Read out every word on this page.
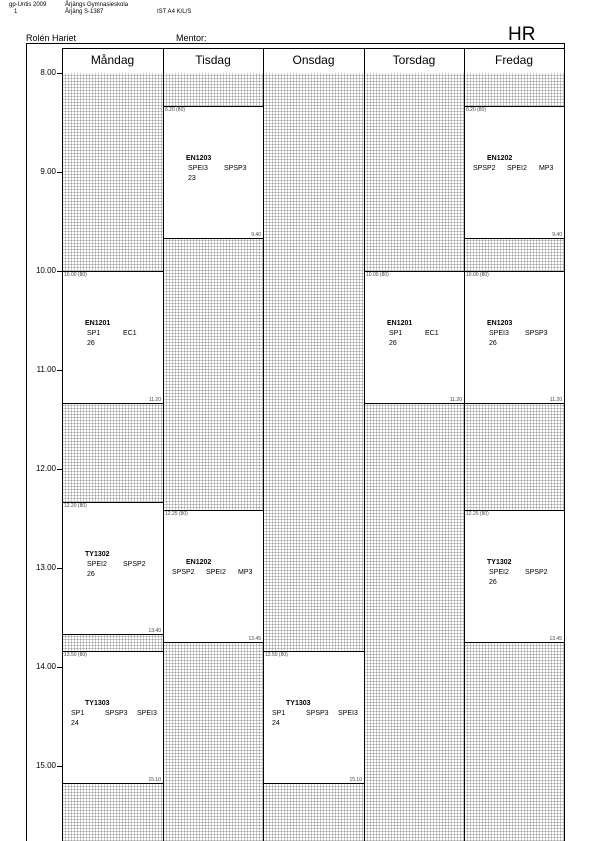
gp-Untis 2009
1
Årjängs Gymnasieskola
Årjäng S-1387	IST A4 K/L/S
Rolén Hariet	Mentor:	HR
Måndag	Tisdag	Onsdag	Torsdag	Fredag
8.00
9.00
10.00
11.00
12.00
13.00
14.00
15.00
10.00 (80)
11.20
EN1201
SP1	EC1
26
12.20 (80)
13.40
TY1302
SPEI2 SPSP2
26
13.50 (80)
15.10
TY1303
SP1	SPSP3 SPEI3
24
8.20 (80)
9.40
EN1203
SPEI3 SPSP3
23
12.25 (80)
13.45
EN1202
SPSP2 SPEI2 MP3
13.50 (80)
15.10
TY1303
SP1	SPSP3 SPEI3
24
10.00 (80)
11.20
EN1201
SP1	EC1
26
8.20 (80)
9.40
EN1202
SPSP2 SPEI2 MP3
10.00 (80)
11.20
EN1203
SPEI3 SPSP3
26
12.25 (80)
13.45
TY1302
SPEI2 SPSP2
26
